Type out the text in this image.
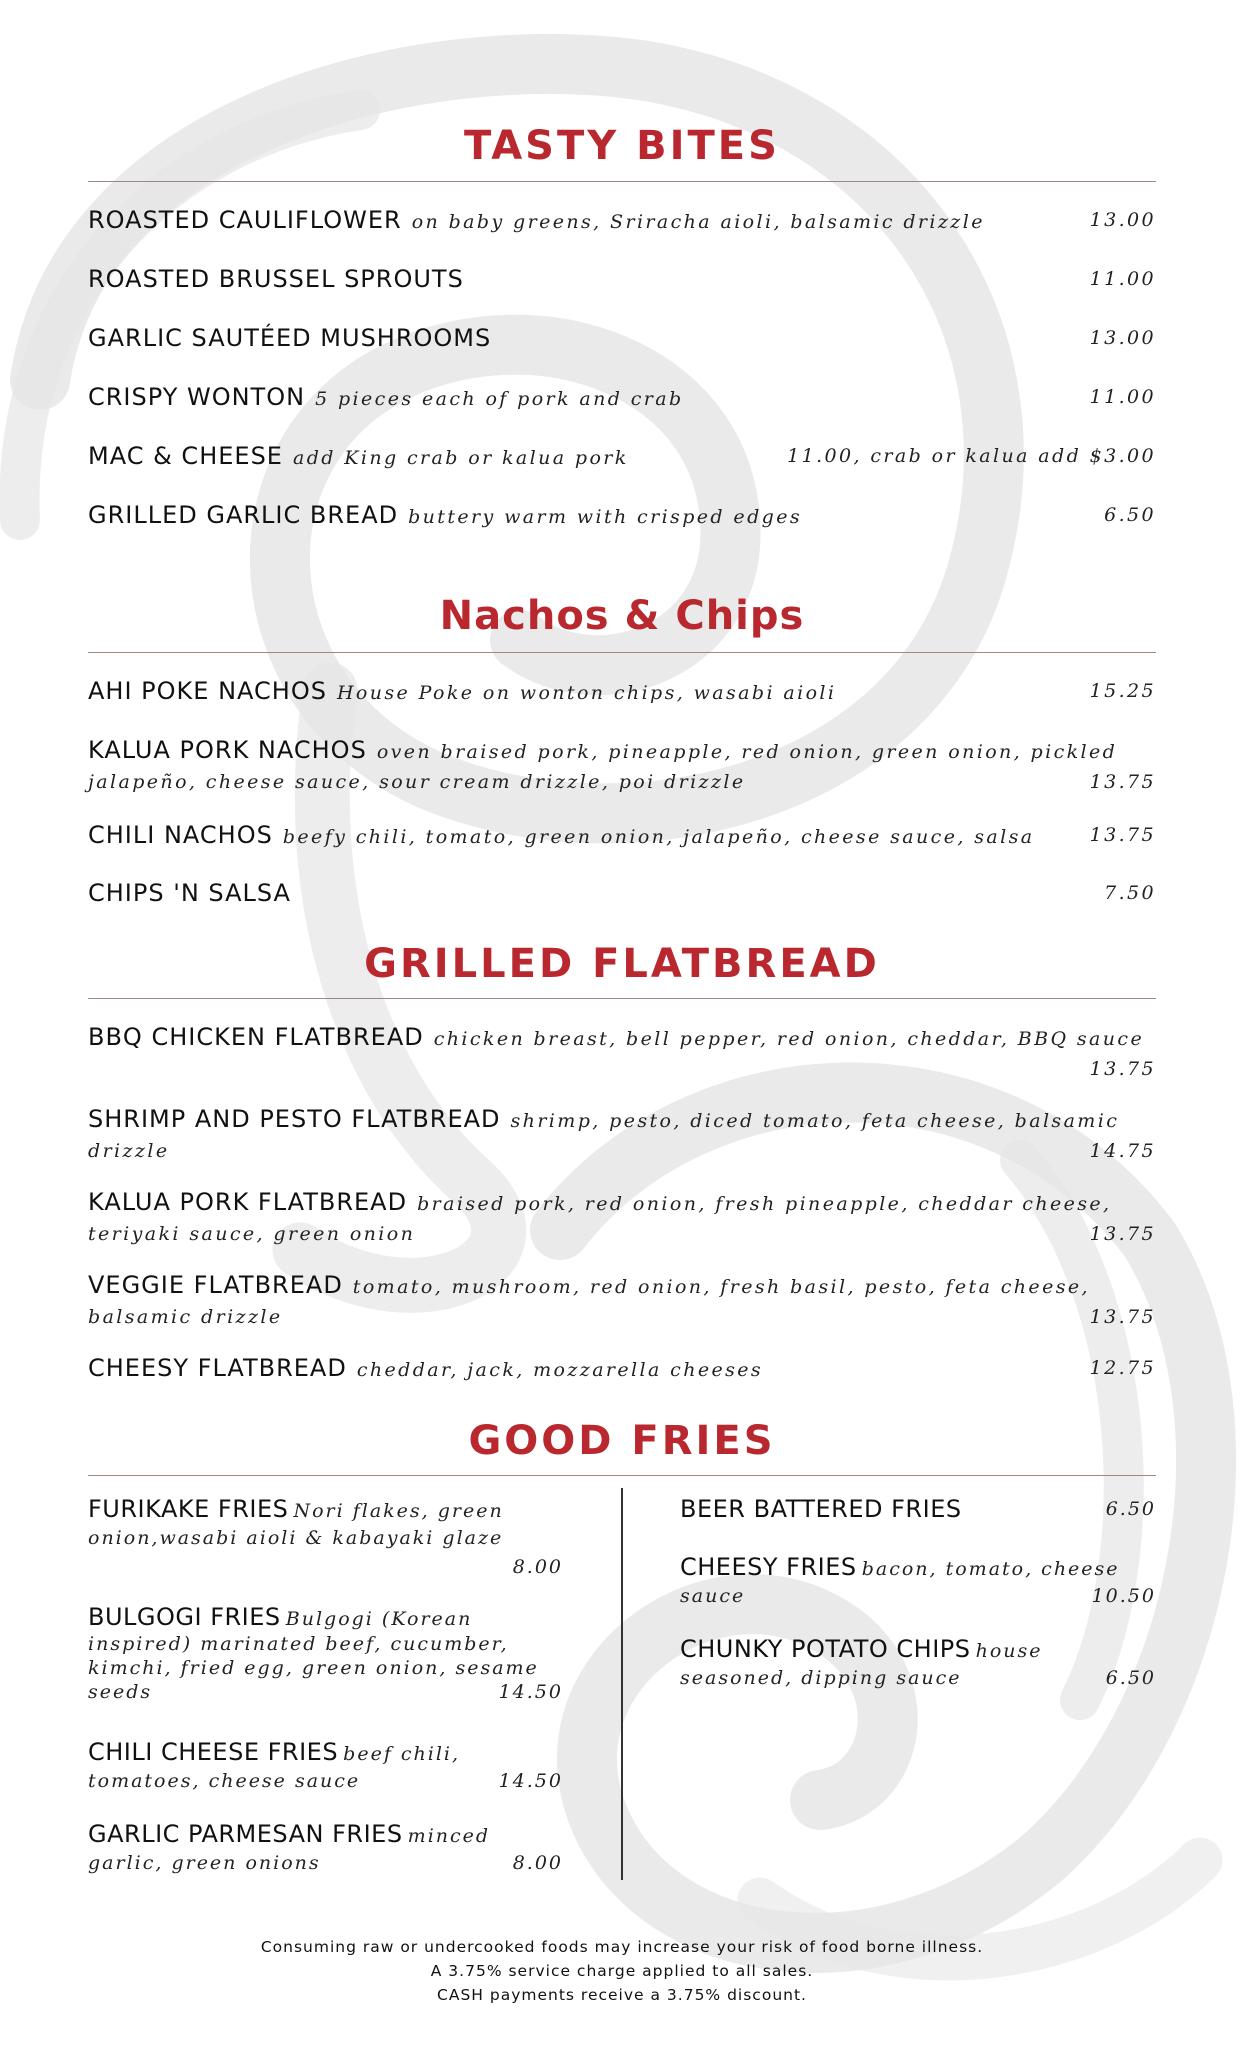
TASTY BITES
ROASTED CAULIFLOWER on baby greens, Sriracha aioli, balsamic drizzle	13.00
ROASTED BRUSSEL SPROUTS	11.00
GARLIC SAUTÉED MUSHROOMS	13.00
CRISPY WONTON 5 pieces each of pork and crab	11.00
MAC & CHEESE add King crab or kalua pork	11.00, crab or kalua add $3.00
GRILLED GARLIC BREAD buttery warm with crisped edges	6.50
Nachos & Chips
AHI POKE NACHOS House Poke on wonton chips, wasabi aioli	15.25
KALUA PORK NACHOS oven braised pork, pineapple, red onion, green onion, pickled
jalapeño, cheese sauce, sour cream drizzle, poi drizzle	13.75
CHILI NACHOS beefy chili, tomato, green onion, jalapeño, cheese sauce, salsa	13.75
CHIPS 'N SALSA	7.50
GRILLED FLATBREAD
BBQ CHICKEN FLATBREAD chicken breast, bell pepper, red onion, cheddar, BBQ sauce
13.75
SHRIMP AND PESTO FLATBREAD shrimp, pesto, diced tomato, feta cheese, balsamic
drizzle	14.75
KALUA PORK FLATBREAD braised pork, red onion, fresh pineapple, cheddar cheese,
teriyaki sauce, green onion	13.75
VEGGIE FLATBREAD tomato, mushroom, red onion, fresh basil, pesto, feta cheese,
balsamic drizzle	13.75
CHEESY FLATBREAD cheddar, jack, mozzarella cheeses	12.75
GOOD FRIES
FURIKAKE FRIES Nori flakes, green
onion,wasabi aioli & kabayaki glaze
8.00
BULGOGI FRIES Bulgogi (Korean
inspired) marinated beef, cucumber,
kimchi, fried egg, green onion, sesame
seeds	14.50
CHILI CHEESE FRIES beef chili,
tomatoes, cheese sauce	14.50
GARLIC PARMESAN FRIES minced
garlic, green onions	8.00
BEER BATTERED FRIES	6.50
CHEESY FRIES bacon, tomato, cheese
sauce	10.50
CHUNKY POTATO CHIPS house
seasoned, dipping sauce	6.50
Consuming raw or undercooked foods may increase your risk of food borne illness.
A 3.75% service charge applied to all sales.
CASH payments receive a 3.75% discount.
